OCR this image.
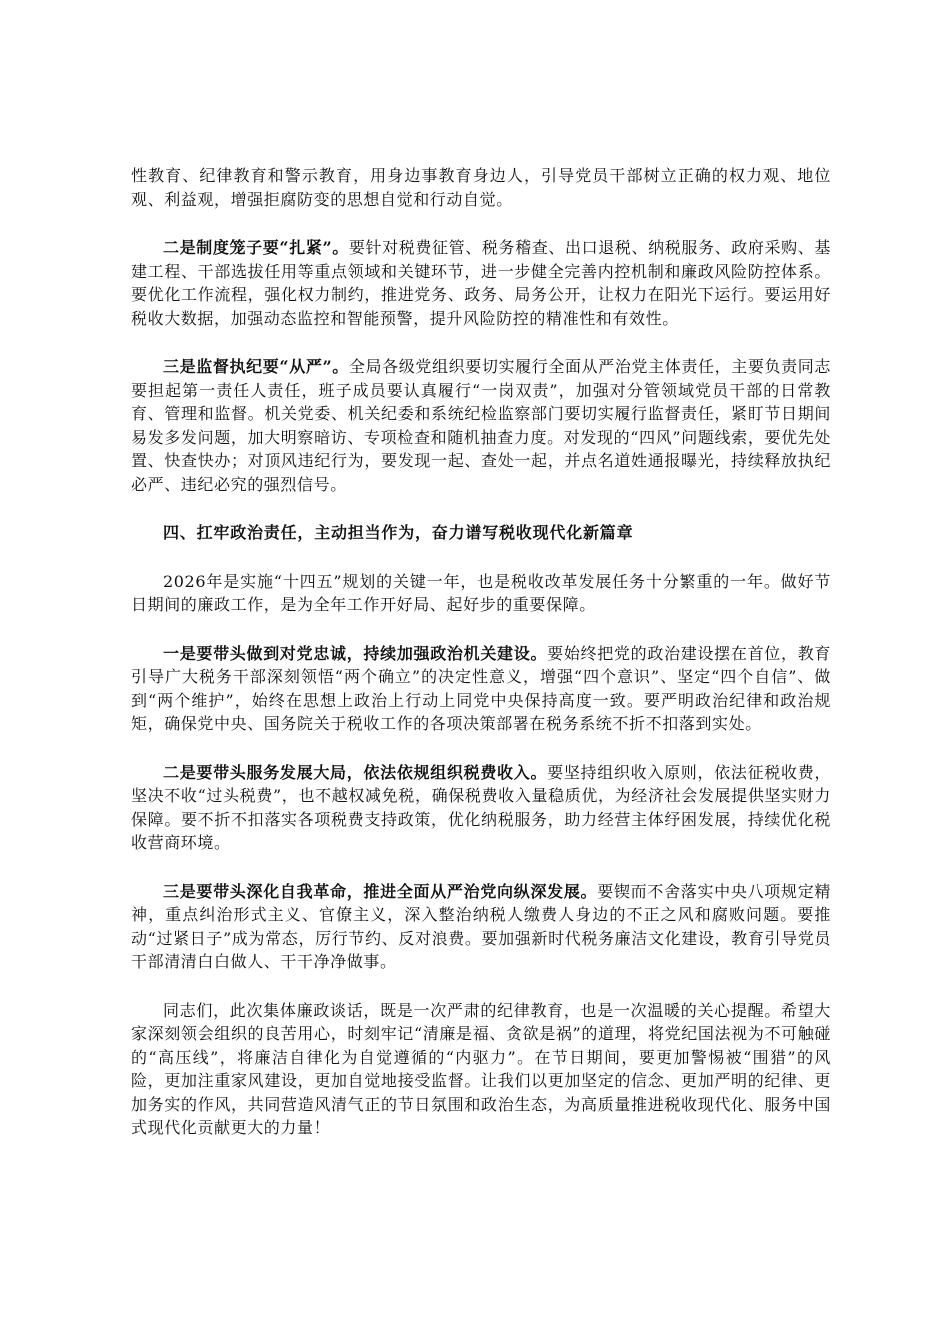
性教育、纪律教育和警示教育，用身边事教育身边人，引导党员干部树立正确的权力观、地位观、利益观，增强拒腐防变的思想自觉和行动自觉。

二是制度笼子要“扎紧”。要针对税费征管、税务稽查、出口退税、纳税服务、政府采购、基建工程、干部选拔任用等重点领域和关键环节，进一步健全完善内控机制和廉政风险防控体系。要优化工作流程，强化权力制约，推进党务、政务、局务公开，让权力在阳光下运行。要运用好税收大数据，加强动态监控和智能预警，提升风险防控的精准性和有效性。

三是监督执纪要“从严”。全局各级党组织要切实履行全面从严治党主体责任，主要负责同志要担起第一责任人责任，班子成员要认真履行“一岗双责”，加强对分管领域党员干部的日常教育、管理和监督。机关党委、机关纪委和系统纪检监察部门要切实履行监督责任，紧盯节日期间易发多发问题，加大明察暗访、专项检查和随机抽查力度。对发现的“四风”问题线索，要优先处置、快查快办；对顶风违纪行为，要发现一起、查处一起，并点名道姓通报曝光，持续释放执纪必严、违纪必究的强烈信号。

四、扛牢政治责任，主动担当作为，奋力谱写税收现代化新篇章

2026年是实施“十四五”规划的关键一年，也是税收改革发展任务十分繁重的一年。做好节日期间的廉政工作，是为全年工作开好局、起好步的重要保障。

一是要带头做到对党忠诚，持续加强政治机关建设。要始终把党的政治建设摆在首位，教育引导广大税务干部深刻领悟“两个确立”的决定性意义，增强“四个意识”、坚定“四个自信”、做到“两个维护”，始终在思想上政治上行动上同党中央保持高度一致。要严明政治纪律和政治规矩，确保党中央、国务院关于税收工作的各项决策部署在税务系统不折不扣落到实处。

二是要带头服务发展大局，依法依规组织税费收入。要坚持组织收入原则，依法征税收费，坚决不收“过头税费”，也不越权减免税，确保税费收入量稳质优，为经济社会发展提供坚实财力保障。要不折不扣落实各项税费支持政策，优化纳税服务，助力经营主体纾困发展，持续优化税收营商环境。

三是要带头深化自我革命，推进全面从严治党向纵深发展。要锲而不舍落实中央八项规定精神，重点纠治形式主义、官僚主义，深入整治纳税人缴费人身边的不正之风和腐败问题。要推动“过紧日子”成为常态，厉行节约、反对浪费。要加强新时代税务廉洁文化建设，教育引导党员干部清清白白做人、干干净净做事。

同志们，此次集体廉政谈话，既是一次严肃的纪律教育，也是一次温暖的关心提醒。希望大家深刻领会组织的良苦用心，时刻牢记“清廉是福、贪欲是祸”的道理，将党纪国法视为不可触碰的“高压线”，将廉洁自律化为自觉遵循的“内驱力”。在节日期间，要更加警惕被“围猎”的风险，更加注重家风建设，更加自觉地接受监督。让我们以更加坚定的信念、更加严明的纪律、更加务实的作风，共同营造风清气正的节日氛围和政治生态，为高质量推进税收现代化、服务中国式现代化贡献更大的力量！
